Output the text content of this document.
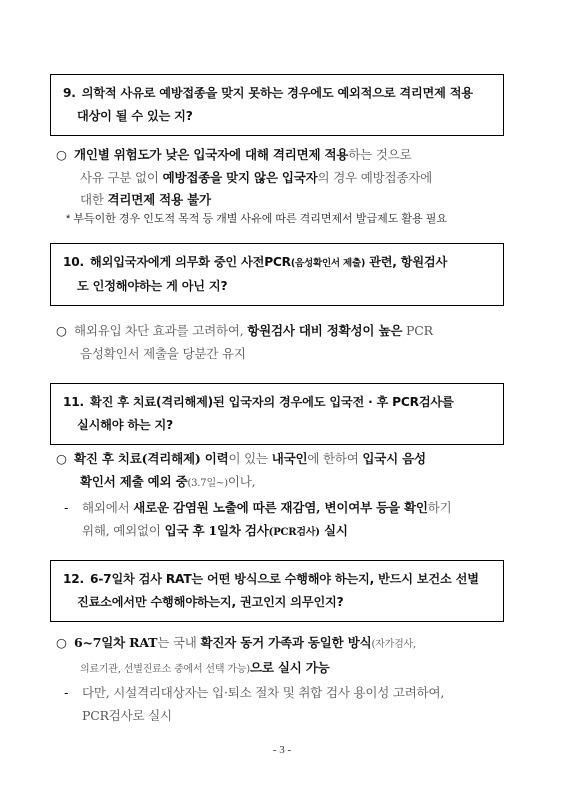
9. 의학적 사유로 예방접종을 맞지 못하는 경우에도 예외적으로 격리면제 적용
대상이 될 수 있는 지?
○ 개인별 위험도가 낮은 입국자에 대해 격리면제 적용하는 것으로
사유 구분 없이 예방접종을 맞지 않은 입국자의 경우 예방접종자에
대한 격리면제 적용 불가
* 부득이한 경우 인도적 목적 등 개별 사유에 따른 격리면제서 발급제도 활용 필요
10. 해외입국자에게 의무화 중인 사전PCR(음성확인서 제출) 관련, 항원검사
도 인정해야하는 게 아닌 지?
○ 해외유입 차단 효과를 고려하여, 항원검사 대비 정확성이 높은 PCR
음성확인서 제출을 당분간 유지
11. 확진 후 치료(격리해제)된 입국자의 경우에도 입국전 · 후 PCR검사를
실시해야 하는 지?
○ 확진 후 치료(격리해제) 이력이 있는 내국인에 한하여 입국시 음성
확인서 제출 예외 중(3.7일~)이나,
- 해외에서 새로운 감염원 노출에 따른 재감염, 변이여부 등을 확인하기
위해, 예외없이 입국 후 1일차 검사(PCR검사) 실시
12. 6-7일차 검사 RAT는 어떤 방식으로 수행해야 하는지, 반드시 보건소 선별
진료소에서만 수행해야하는지, 권고인지 의무인지?
○ 6~7일차 RAT는 국내 확진자 동거 가족과 동일한 방식(자가검사,
의료기관, 선별진료소 중에서 선택 가능)으로 실시 가능
- 다만, 시설격리대상자는 입·퇴소 절차 및 취합 검사 용이성 고려하여,
PCR검사로 실시
- 3 -
